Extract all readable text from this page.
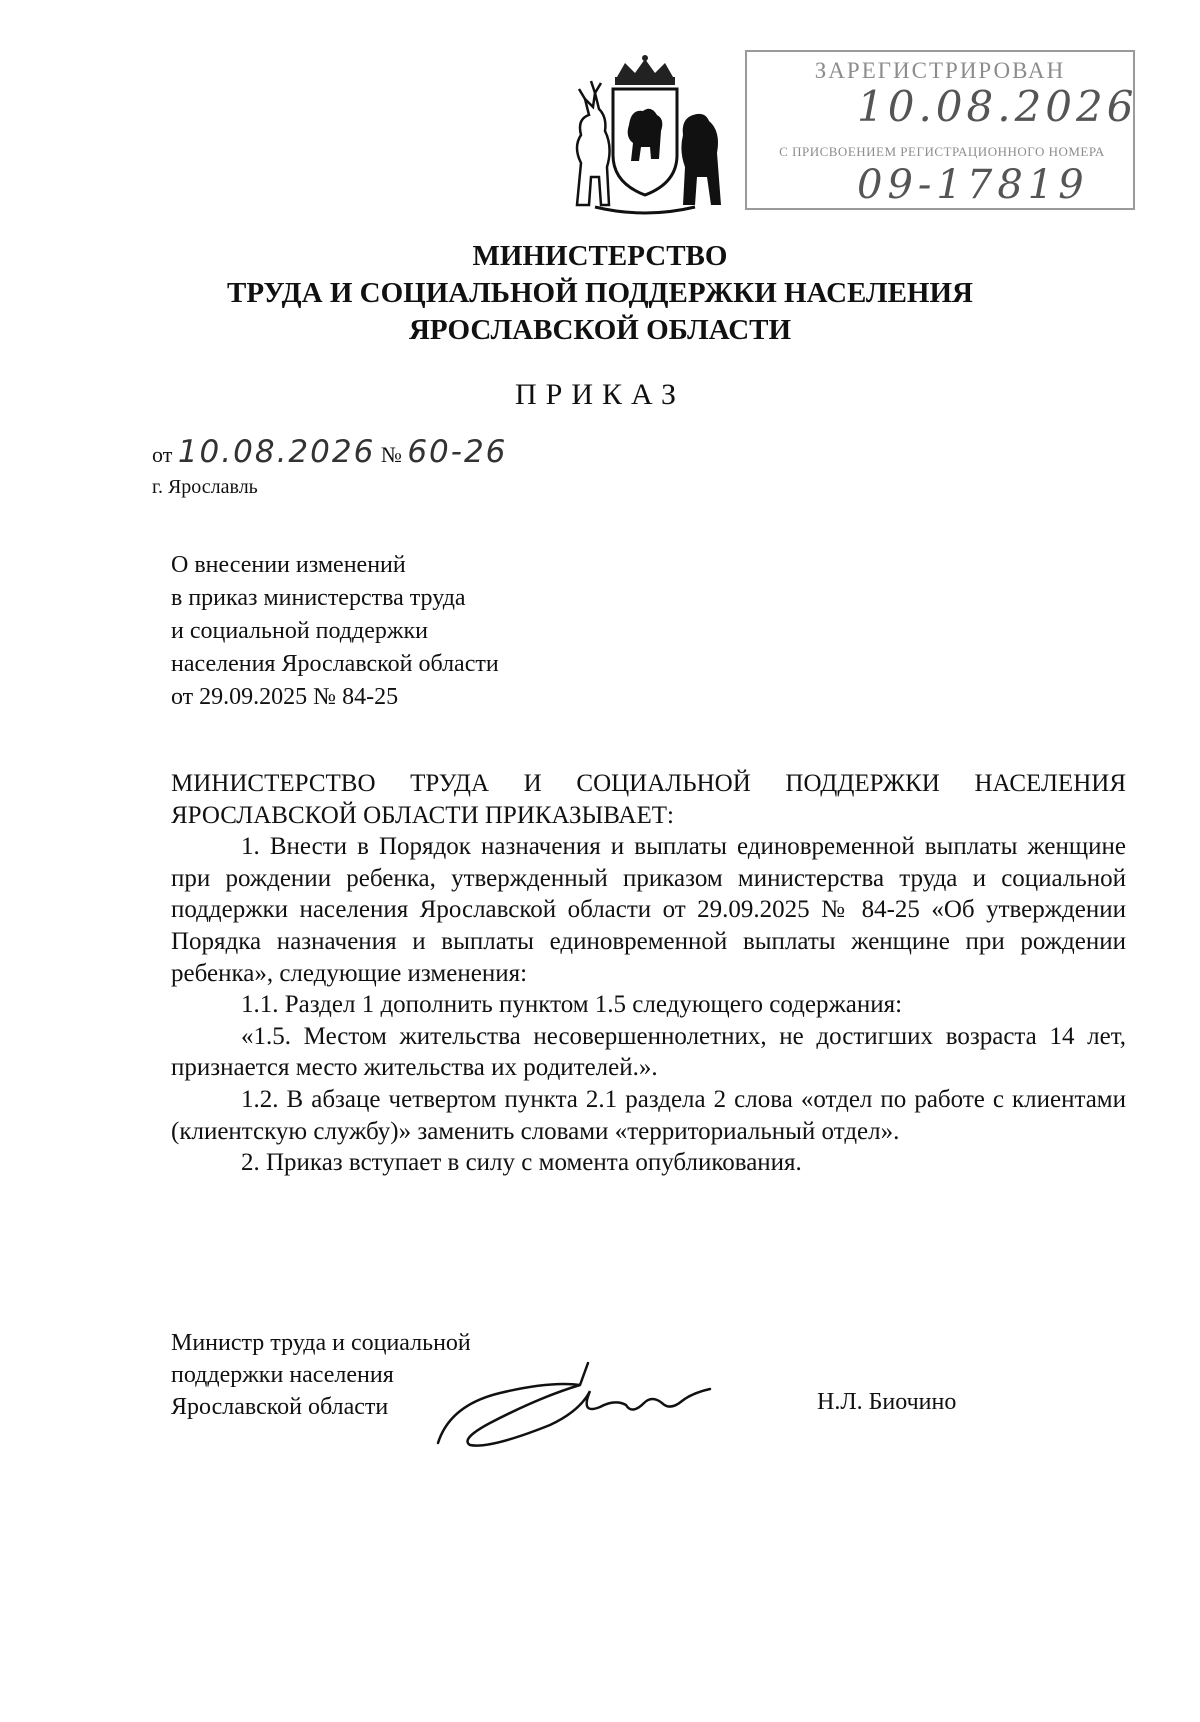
ЗАРЕГИСТРИРОВАН
10.08.2026
С ПРИСВОЕНИЕМ РЕГИСТРАЦИОННОГО НОМЕРА
09-17819
МИНИСТЕРСТВО
ТРУДА И СОЦИАЛЬНОЙ ПОДДЕРЖКИ НАСЕЛЕНИЯ
ЯРОСЛАВСКОЙ ОБЛАСТИ
ПРИКАЗ
от 10.08.2026 № 60-26
г. Ярославль
О внесении изменений
в приказ министерства труда
и социальной поддержки
населения Ярославской области
от 29.09.2025 № 84-25

МИНИСТЕРСТВО ТРУДА И СОЦИАЛЬНОЙ ПОДДЕРЖКИ НАСЕЛЕНИЯ ЯРОСЛАВСКОЙ ОБЛАСТИ ПРИКАЗЫВАЕТ:

1. Внести в Порядок назначения и выплаты единовременной выплаты женщине при рождении ребенка, утвержденный приказом министерства труда и социальной поддержки населения Ярославской области от 29.09.2025 № 84-25 «Об утверждении Порядка назначения и выплаты единовременной выплаты женщине при рождении ребенка», следующие изменения:

1.1. Раздел 1 дополнить пунктом 1.5 следующего содержания:

«1.5. Местом жительства несовершеннолетних, не достигших возраста 14 лет, признается место жительства их родителей.».

1.2. В абзаце четвертом пункта 2.1 раздела 2 слова «отдел по работе с клиентами (клиентскую службу)» заменить словами «территориальный отдел».

2. Приказ вступает в силу с момента опубликования.

Министр труда и социальной
поддержки населения
Ярославской области	Н.Л. Биочино
